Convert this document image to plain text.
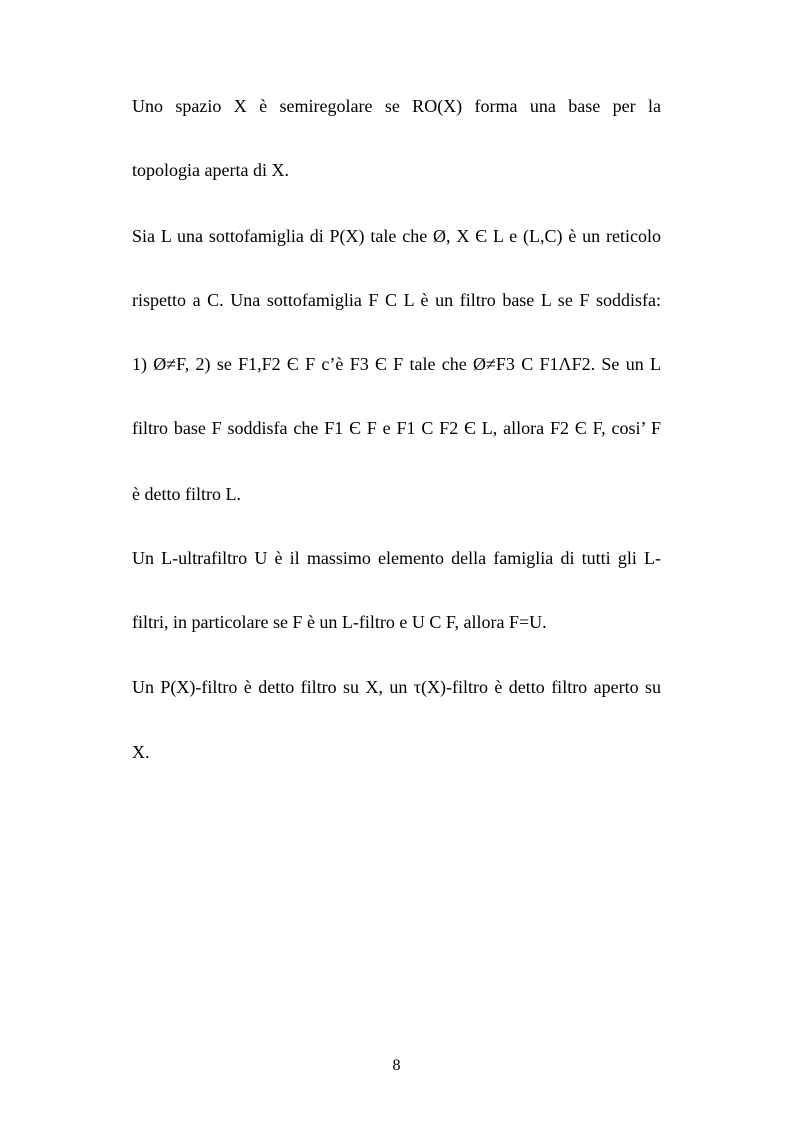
Uno spazio X è semiregolare se RO(X) forma una base per la
topologia aperta di X.
Sia L una sottofamiglia di P(X) tale che Ø, X Є L e (L,C) è un reticolo
rispetto a C. Una sottofamiglia F C L è un filtro base L se F soddisfa:
1) Ø≠F, 2) se F1,F2 Є F c’è F3 Є F tale che Ø≠F3 C F1ΛF2. Se un L
filtro base F soddisfa che F1 Є F e F1 C F2 Є L, allora F2 Є F, cosi’ F
è detto filtro L.
Un L-ultrafiltro U è il massimo elemento della famiglia di tutti gli L-
filtri, in particolare se F è un L-filtro e U C F, allora F=U.
Un P(X)-filtro è detto filtro su X, un τ(X)-filtro è detto filtro aperto su
X.
8
